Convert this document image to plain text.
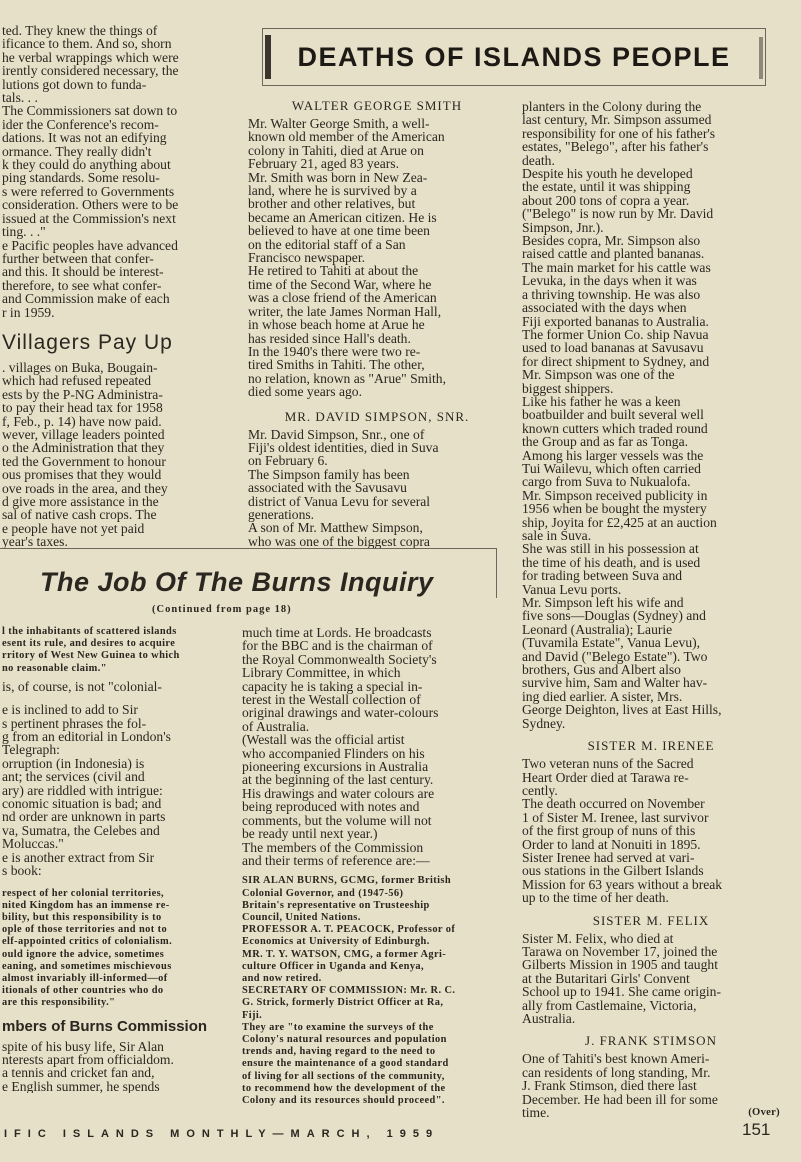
DEATHS OF ISLANDS PEOPLE
ted. They knew the things of
ificance to them. And so, shorn
he verbal wrappings which were
irently considered necessary, the
lutions got down to funda-
tals. . .
The Commissioners sat down to
ider the Conference's recom-
dations. It was not an edifying
ormance. They really didn't
k they could do anything about
ping standards. Some resolu-
s were referred to Governments
consideration. Others were to be
issued at the Commission's next
ting. . ."
e Pacific peoples have advanced
further between that confer-
and this. It should be interest-
therefore, to see what confer-
and Commission make of each
r in 1959.
Villagers Pay Up
. villages on Buka, Bougain-
which had refused repeated
ests by the P-NG Administra-
to pay their head tax for 1958
f, Feb., p. 14) have now paid.
wever, village leaders pointed
o the Administration that they
ted the Government to honour
ous promises that they would
ove roads in the area, and they
d give more assistance in the
sal of native cash crops. The
e people have not yet paid
year's taxes.
WALTER GEORGE SMITH
Mr. Walter George Smith, a well-
known old member of the American
colony in Tahiti, died at Arue on
February 21, aged 83 years.
Mr. Smith was born in New Zea-
land, where he is survived by a
brother and other relatives, but
became an American citizen. He is
believed to have at one time been
on the editorial staff of a San
Francisco newspaper.
He retired to Tahiti at about the
time of the Second War, where he
was a close friend of the American
writer, the late James Norman Hall,
in whose beach home at Arue he
has resided since Hall's death.
In the 1940's there were two re-
tired Smiths in Tahiti. The other,
no relation, known as "Arue" Smith,
died some years ago.
MR. DAVID SIMPSON, SNR.
Mr. David Simpson, Snr., one of
Fiji's oldest identities, died in Suva
on February 6.
The Simpson family has been
associated with the Savusavu
district of Vanua Levu for several
generations.
A son of Mr. Matthew Simpson,
who was one of the biggest copra
planters in the Colony during the
last century, Mr. Simpson assumed
responsibility for one of his father's
estates, "Belego", after his father's
death.
Despite his youth he developed
the estate, until it was shipping
about 200 tons of copra a year.
("Belego" is now run by Mr. David
Simpson, Jnr.).
Besides copra, Mr. Simpson also
raised cattle and planted bananas.
The main market for his cattle was
Levuka, in the days when it was
a thriving township. He was also
associated with the days when
Fiji exported bananas to Australia.
The former Union Co. ship Navua
used to load bananas at Savusavu
for direct shipment to Sydney, and
Mr. Simpson was one of the
biggest shippers.
Like his father he was a keen
boatbuilder and built several well
known cutters which traded round
the Group and as far as Tonga.
Among his larger vessels was the
Tui Wailevu, which often carried
cargo from Suva to Nukualofa.
Mr. Simpson received publicity in
1956 when be bought the mystery
ship, Joyita for £2,425 at an auction
sale in Suva.
She was still in his possession at
the time of his death, and is used
for trading between Suva and
Vanua Levu ports.
Mr. Simpson left his wife and
five sons—Douglas (Sydney) and
Leonard (Australia); Laurie
(Tuvamila Estate", Vanua Levu),
and David ("Belego Estate"). Two
brothers, Gus and Albert also
survive him, Sam and Walter hav-
ing died earlier. A sister, Mrs.
George Deighton, lives at East Hills,
Sydney.
SISTER M. IRENEE
Two veteran nuns of the Sacred
Heart Order died at Tarawa re-
cently.
The death occurred on November
1 of Sister M. Irenee, last survivor
of the first group of nuns of this
Order to land at Nonuiti in 1895.
Sister Irenee had served at vari-
ous stations in the Gilbert Islands
Mission for 63 years without a break
up to the time of her death.
SISTER M. FELIX
Sister M. Felix, who died at
Tarawa on November 17, joined the
Gilberts Mission in 1905 and taught
at the Butaritari Girls' Convent
School up to 1941. She came origin-
ally from Castlemaine, Victoria,
Australia.
J. FRANK STIMSON
One of Tahiti's best known Ameri-
can residents of long standing, Mr.
J. Frank Stimson, died there last
December. He had been ill for some
time.	(Over)
The Job Of The Burns Inquiry
(Continued from page 18)
l the inhabitants of scattered islands
esent its rule, and desires to acquire
rritory of West New Guinea to which
no reasonable claim."
is, of course, is not "colonial-
e is inclined to add to Sir
s pertinent phrases the fol-
g from an editorial in London's
Telegraph:
orruption (in Indonesia) is
ant; the services (civil and
ary) are riddled with intrigue:
conomic situation is bad; and
nd order are unknown in parts
va, Sumatra, the Celebes and
Moluccas."
e is another extract from Sir
s book:
respect of her colonial territories,
nited Kingdom has an immense re-
bility, but this responsibility is to
ople of those territories and not to
elf-appointed critics of colonialism.
ould ignore the advice, sometimes
eaning, and sometimes mischievous
almost invariably ill-informed—of
itionals of other countries who do
are this responsibility."
mbers of Burns Commission
spite of his busy life, Sir Alan
nterests apart from officialdom.
a tennis and cricket fan and,
e English summer, he spends
much time at Lords. He broadcasts
for the BBC and is the chairman of
the Royal Commonwealth Society's
Library Committee, in which
capacity he is taking a special in-
terest in the Westall collection of
original drawings and water-colours
of Australia.
(Westall was the official artist
who accompanied Flinders on his
pioneering excursions in Australia
at the beginning of the last century.
His drawings and water colours are
being reproduced with notes and
comments, but the volume will not
be ready until next year.)
The members of the Commission
and their terms of reference are:—
SIR ALAN BURNS, GCMG, former British
Colonial Governor, and (1947-56)
Britain's representative on Trusteeship
Council, United Nations.
PROFESSOR A. T. PEACOCK, Professor of
Economics at University of Edinburgh.
MR. T. Y. WATSON, CMG, a former Agri-
culture Officer in Uganda and Kenya,
and now retired.
SECRETARY OF COMMISSION: Mr. R. C.
G. Strick, formerly District Officer at Ra,
Fiji.
They are "to examine the surveys of the
Colony's natural resources and population
trends and, having regard to the need to
ensure the maintenance of a good standard
of living for all sections of the community,
to recommend how the development of the
Colony and its resources should proceed".
IFIC ISLANDS MONTHLY—MARCH, 1959	151
